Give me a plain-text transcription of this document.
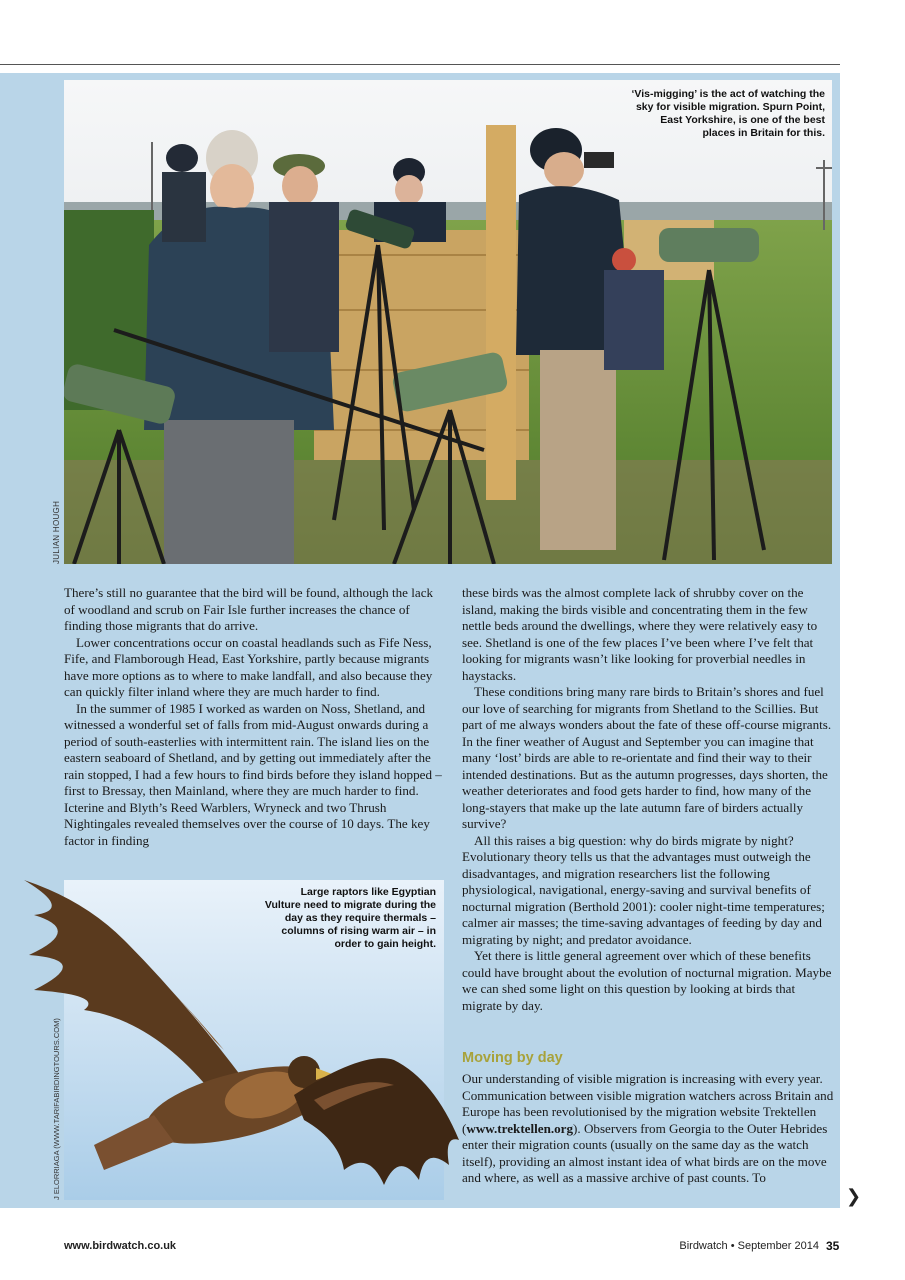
‘Vis-migging’ is the act of watching the sky for visible migration. Spurn Point, East Yorkshire, is one of the best places in Britain for this.
JULIAN HOUGH

There’s still no guarantee that the bird will be found, although the lack of woodland and scrub on Fair Isle further increases the chance of finding those migrants that do arrive.

Lower concentrations occur on coastal headlands such as Fife Ness, Fife, and Flamborough Head, East Yorkshire, partly because migrants have more options as to where to make landfall, and also because they can quickly filter inland where they are much harder to find.

In the summer of 1985 I worked as warden on Noss, Shetland, and witnessed a wonderful set of falls from mid-August onwards during a period of south-easterlies with intermittent rain. The island lies on the eastern seaboard of Shetland, and by getting out immediately after the rain stopped, I had a few hours to find birds before they island hopped – first to Bressay, then Mainland, where they are much harder to find. Icterine and Blyth’s Reed Warblers, Wryneck and two Thrush Nightingales revealed themselves over the course of 10 days. The key factor in finding

these birds was the almost complete lack of shrubby cover on the island, making the birds visible and concentrating them in the few nettle beds around the dwellings, where they were relatively easy to see. Shetland is one of the few places I’ve been where I’ve felt that looking for migrants wasn’t like looking for proverbial needles in haystacks.

These conditions bring many rare birds to Britain’s shores and fuel our love of searching for migrants from Shetland to the Scillies. But part of me always wonders about the fate of these off-course migrants. In the finer weather of August and September you can imagine that many ‘lost’ birds are able to re-orientate and find their way to their intended destinations. But as the autumn progresses, days shorten, the weather deteriorates and food gets harder to find, how many of the long-stayers that make up the late autumn fare of birders actually survive?

All this raises a big question: why do birds migrate by night? Evolutionary theory tells us that the advantages must outweigh the disadvantages, and migration researchers list the following physiological, navigational, energy-saving and survival benefits of nocturnal migration (Berthold 2001): cooler night-time temperatures; calmer air masses; the time-saving advantages of feeding by day and migrating by night; and predator avoidance.

Yet there is little general agreement over which of these benefits could have brought about the evolution of nocturnal migration. Maybe we can shed some light on this question by looking at birds that migrate by day.

Moving by day

Our understanding of visible migration is increasing with every year. Communication between visible migration watchers across Britain and Europe has been revolutionised by the migration website Trektellen (www.trektellen.org). Observers from Georgia to the Outer Hebrides enter their migration counts (usually on the same day as the watch itself), providing an almost instant idea of what birds are on the move and where, as well as a massive archive of past counts. To

Large raptors like Egyptian Vulture need to migrate during the day as they require thermals – columns of rising warm air – in order to gain height.
J ELORRIAGA (WWW.TARIFABIRDINGTOURS.COM)	❯
www.birdwatch.co.uk	Birdwatch • September 2014 35
